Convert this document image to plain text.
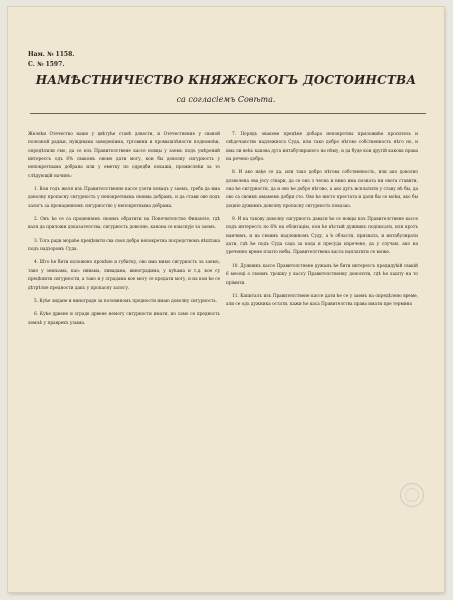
Нам. № 1158.
С. № 1597.
НАМѢСТНИЧЕСТВО КНЯЖЕСКОГЪ ДОСТОИНСТВА
са согласіемъ Совѣта.

Желећи Отечество наше у цвѣтуће станѣ довести, и Отечествение у сваной полезной радњи, нуждныма заведенiима, трговини и промышлѣности подномоћи, опредѣлили смо, да се изъ Правителствене кассе новцы у заемъ подъ умѣрений интерессъ одъ 6% свакомъ овоме дати могу, кои бы доволну сигурность у непокретныма добрана или у еметку по одредби покажи, промислећи за то слѣдующiй начинъ:

1. Кои годъ желя изъ Правителственне кассе узети новацъ у заемъ, треба да има доволну пропасну сигурность у непокретныма своима добрамъ, и да стави ове подъ залогъ за пронаденномъ сигурностію у непокретныма добрама.

2. Онъ ће се са прошенiемъ своимъ обратити на Попечителство Финансiе, гдѣ валя да приложи доказателства, сигурность доволне, канона се изыскује за заемъ.

3. Тога ради мораће прецѣнити сва своя добра непокретна посредствомъ вѣштака подъ надзоромъ Суда.

4. Што ће бити изложено пронѣне и губитку, ово има мимо сигурность за заемъ; тако у земљама, као: нивама, ливадама, виноградима, у кућама и т.д. кое су прецѣнити сигурности, а тако и у зградама кое могу се продати могу, и на кои ће се дѣтрѣтие предности дакъ у пропасну залогу.

5. Куће зидане и винограде за половиномъ предности имаю доволну сигурность.

6. Куће дрвене и зграде дрвене немогу сигурности имати, но само се предность земљѣ у праврекъ узыма.

7. Порядъ овакове прецѣне добара непокретны приложиће проситель и свѣдочанство надлежнога Суда, или тако добро нѣгово собственность нѣго но, и има ли већъ какова дуга интабулираного на нѣму, и да буде кои другій какова права на речено добро.

8. И ако нађе се да, или тако добро нѣгова собственность, или ако доволно дозволена ова јесу ствари, да се оно з чесна и нико има позната ни овога ставити, она ће сигурности, да и ово ће добро нѣгово, а ако дугъ исплатити у ставу нѣ бы, да ово са своимъ имамемъ добри сто. Ово ће нисто престата и дали бы се моћи, ако бы доцніе дужникъ доволну пропасну сигурность показао.

9. И на такову доволну сигурность давати ће се новцы изъ Правителствене кассе подъ интерессъ по 6% на облигацію, кои ће вѣстый дужникъ подписати, или кротъ наичимъ, и на своимъ надлежномъ Суду, а ћ области, призната, и интабулирати дати, гдѣ ћe подъ Суда сада за кода и пресуда изречене, да у случаю, ако на уреченно време платіо небы, Правителствена касса наплатити се може.

10. Дужникъ кассе Правителствене дужанъ ће бити интерессъ предидућій свакій 6 месеці о своимъ трошку у кассу Правителственну доносити, гдѣ ће хашту на то прiмити.

11. Капиталъ изъ Правителствене кассе дати ће се у заемъ на опредѣлено време, али се одъ дужника остати, кажи ће каса Правителства права имати пре термина
